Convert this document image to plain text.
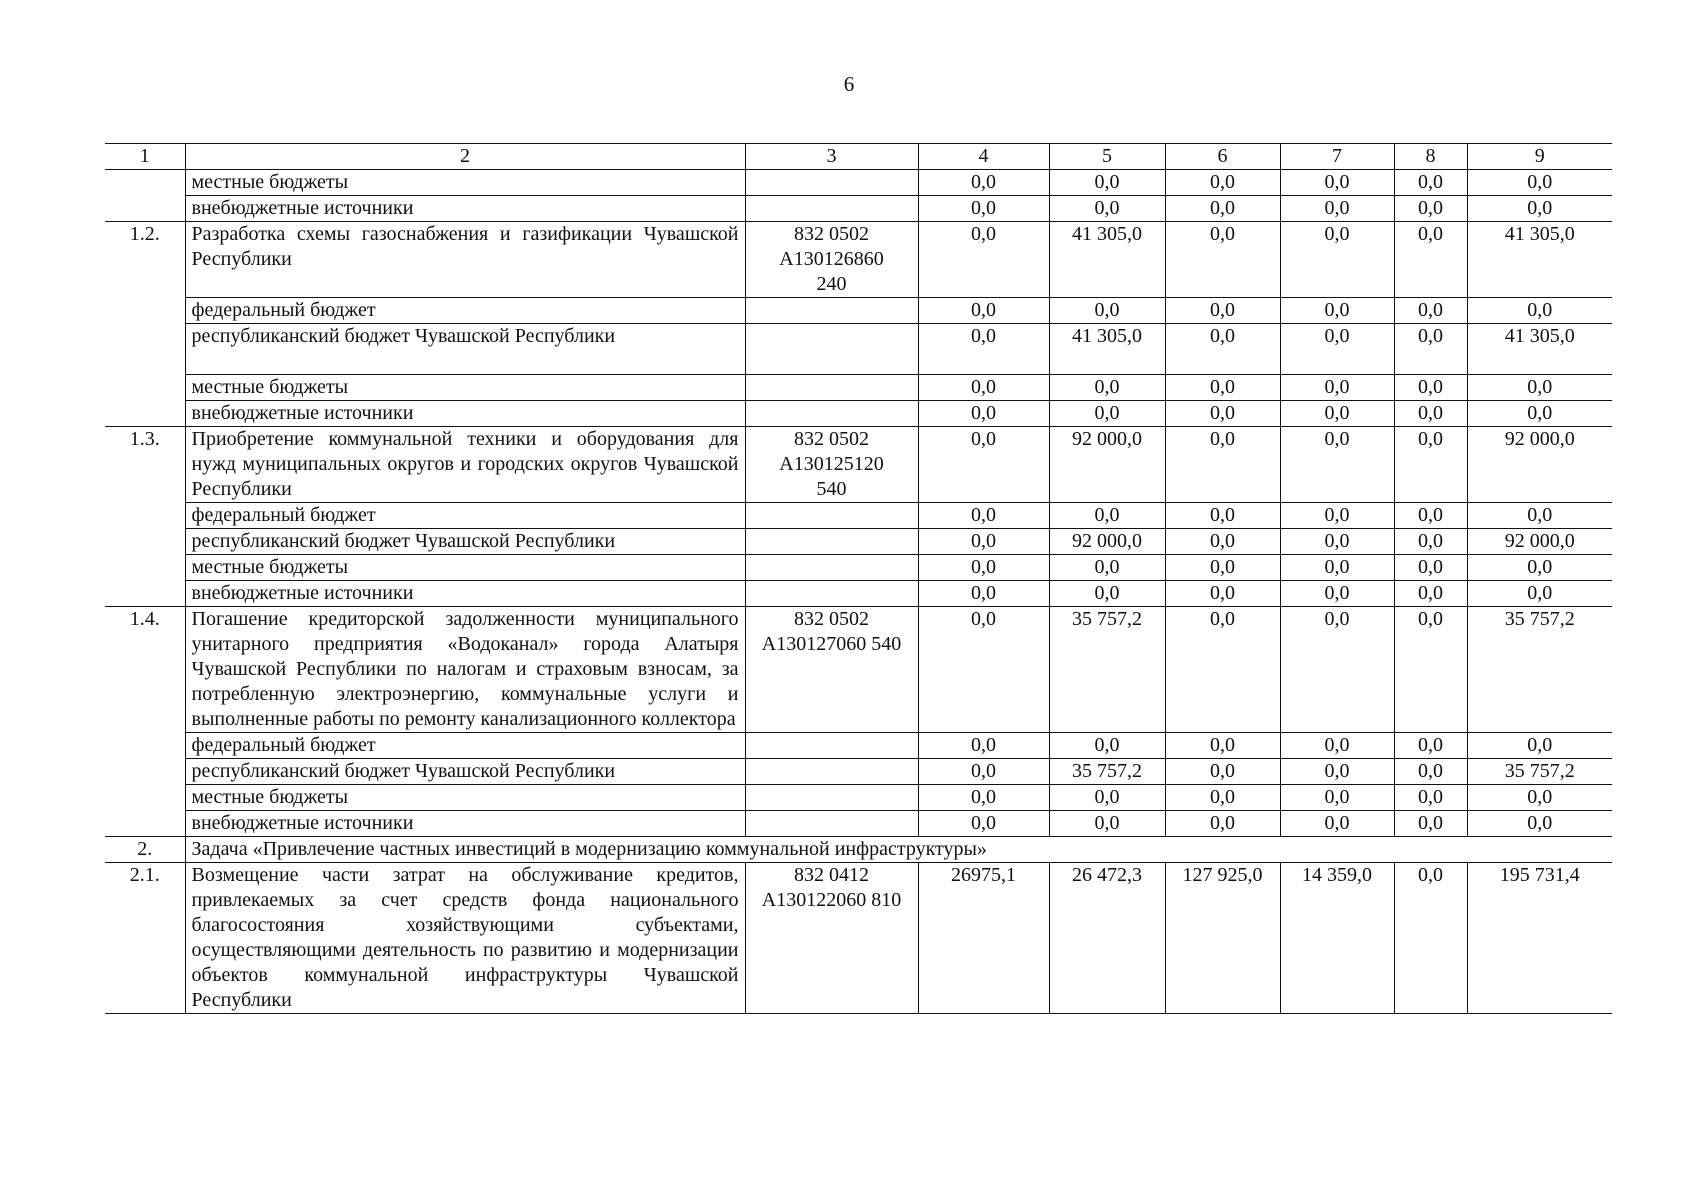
6
1	2	3	4	5	6	7	8	9
	местные бюджеты		0,0	0,0	0,0	0,0	0,0	0,0
	внебюджетные источники		0,0	0,0	0,0	0,0	0,0	0,0
1.2.	Разработка схемы газоснабжения и газификации Чувашской Республики	832 0502
А130126860
240	0,0	41 305,0	0,0	0,0	0,0	41 305,0
	федеральный бюджет		0,0	0,0	0,0	0,0	0,0	0,0
	республиканский бюджет Чувашской Республики		0,0	41 305,0	0,0	0,0	0,0	41 305,0
	местные бюджеты		0,0	0,0	0,0	0,0	0,0	0,0
	внебюджетные источники		0,0	0,0	0,0	0,0	0,0	0,0
1.3.	Приобретение коммунальной техники и оборудования для нужд муниципальных округов и городских округов Чувашской Республики	832 0502
А130125120
540	0,0	92 000,0	0,0	0,0	0,0	92 000,0
	федеральный бюджет		0,0	0,0	0,0	0,0	0,0	0,0
	республиканский бюджет Чувашской Республики		0,0	92 000,0	0,0	0,0	0,0	92 000,0
	местные бюджеты		0,0	0,0	0,0	0,0	0,0	0,0
	внебюджетные источники		0,0	0,0	0,0	0,0	0,0	0,0
1.4.	Погашение кредиторской задолженности муниципального унитарного предприятия «Водоканал» города Алатыря Чувашской Республики по налогам и страховым взносам, за потребленную электроэнергию, коммунальные услуги и выполненные работы по ремонту канализационного коллектора	832 0502
А130127060 540	0,0	35 757,2	0,0	0,0	0,0	35 757,2
	федеральный бюджет		0,0	0,0	0,0	0,0	0,0	0,0
	республиканский бюджет Чувашской Республики		0,0	35 757,2	0,0	0,0	0,0	35 757,2
	местные бюджеты		0,0	0,0	0,0	0,0	0,0	0,0
	внебюджетные источники		0,0	0,0	0,0	0,0	0,0	0,0
2.	Задача «Привлечение частных инвестиций в модернизацию коммунальной инфраструктуры»							
2.1.	Возмещение части затрат на обслуживание кредитов, привлекаемых за счет средств фонда национального благосостояния хозяйствующими субъектами, осуществляющими деятельность по развитию и модернизации объектов коммунальной инфраструктуры Чувашской Республики	832 0412
А130122060 810	26975,1	26 472,3	127 925,0	14 359,0	0,0	195 731,4
